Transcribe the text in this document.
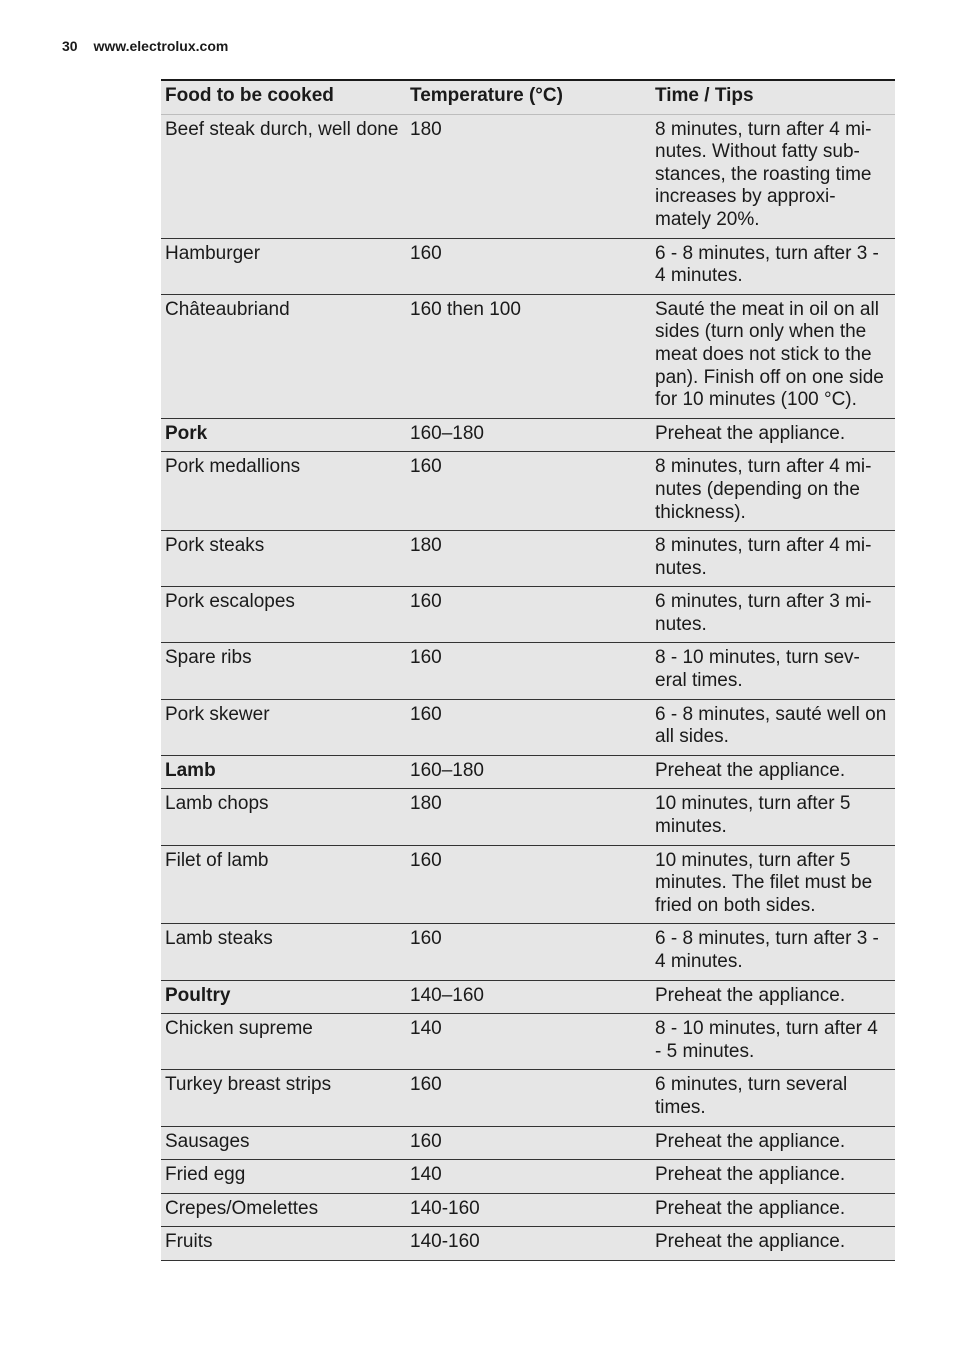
30 www.electrolux.com
Food to be cooked	Temperature (°C)	Time / Tips
Beef steak durch, well done	180	8 minutes, turn after 4 mi-nutes. Without fatty sub-stances, the roasting time increases by approxi-mately 20%.
Hamburger	160	6 - 8 minutes, turn after 3 - 4 minutes.
Châteaubriand	160 then 100	Sauté the meat in oil on all sides (turn only when the meat does not stick to the pan). Finish off on one side for 10 minutes (100 °C).
Pork	160–180	Preheat the appliance.
Pork medallions	160	8 minutes, turn after 4 mi-nutes (depending on the thickness).
Pork steaks	180	8 minutes, turn after 4 mi-nutes.
Pork escalopes	160	6 minutes, turn after 3 mi-nutes.
Spare ribs	160	8 - 10 minutes, turn sev-eral times.
Pork skewer	160	6 - 8 minutes, sauté well on all sides.
Lamb	160–180	Preheat the appliance.
Lamb chops	180	10 minutes, turn after 5 minutes.
Filet of lamb	160	10 minutes, turn after 5 minutes. The filet must be fried on both sides.
Lamb steaks	160	6 - 8 minutes, turn after 3 - 4 minutes.
Poultry	140–160	Preheat the appliance.
Chicken supreme	140	8 - 10 minutes, turn after 4 - 5 minutes.
Turkey breast strips	160	6 minutes, turn several times.
Sausages	160	Preheat the appliance.
Fried egg	140	Preheat the appliance.
Crepes/Omelettes	140-160	Preheat the appliance.
Fruits	140-160	Preheat the appliance.
